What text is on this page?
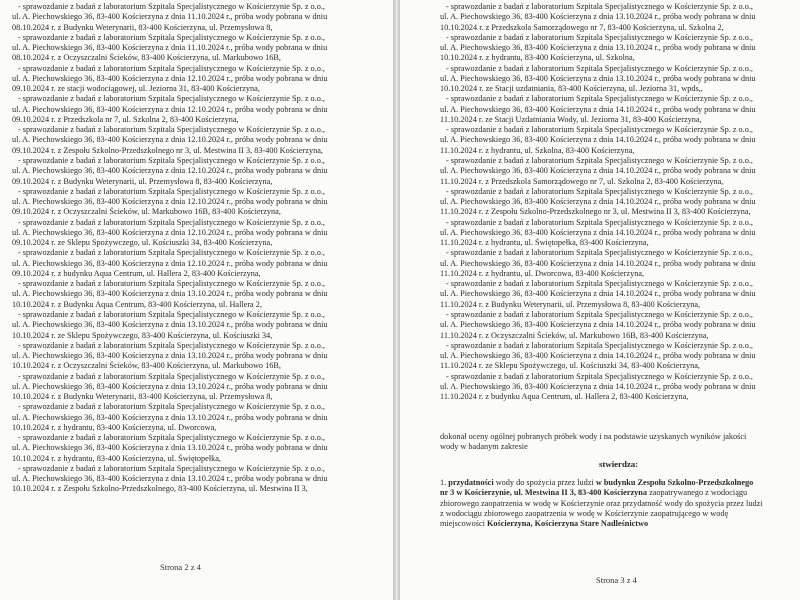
- sprawozdanie z badań z laboratorium Szpitala Specjalistycznego w Kościerzynie Sp. z o.o.,
ul. A. Piechowskiego 36, 83-400 Kościerzyna z dnia 11.10.2024 r., próba wody pobrana w dniu
08.10.2024 r. z Budynku Weterynarii, 83-400 Kościerzyna, ul. Przemysłowa 8,
- sprawozdanie z badań z laboratorium Szpitala Specjalistycznego w Kościerzynie Sp. z o.o.,
ul. A. Piechowskiego 36, 83-400 Kościerzyna z dnia 11.10.2024 r., próba wody pobrana w dniu
08.10.2024 r. z Oczyszczalni Ścieków, 83-400 Kościerzyna, ul. Markubowo 16B,
- sprawozdanie z badań z laboratorium Szpitala Specjalistycznego w Kościerzynie Sp. z o.o.,
ul. A. Piechowskiego 36, 83-400 Kościerzyna z dnia 12.10.2024 r., próba wody pobrana w dniu
09.10.2024 r. ze stacji wodociągowej, ul. Jeziorna 31, 83-400 Kościerzyna,
- sprawozdanie z badań z laboratorium Szpitala Specjalistycznego w Kościerzynie Sp. z o.o.,
ul. A. Piechowskiego 36, 83-400 Kościerzyna z dnia 12.10.2024 r., próba wody pobrana w dniu
09.10.2024 r. z Przedszkola nr 7, ul. Szkolna 2, 83-400 Kościerzyna,
- sprawozdanie z badań z laboratorium Szpitala Specjalistycznego w Kościerzynie Sp. z o.o.,
ul. A. Piechowskiego 36, 83-400 Kościerzyna z dnia 12.10.2024 r., próba wody pobrana w dniu
09.10.2024 r. z Zespołu Szkolno-Przedszkolnego nr 3, ul. Mestwina II 3, 83-400 Kościerzyna,
- sprawozdanie z badań z laboratorium Szpitala Specjalistycznego w Kościerzynie Sp. z o.o.,
ul. A. Piechowskiego 36, 83-400 Kościerzyna z dnia 12.10.2024 r., próba wody pobrana w dniu
09.10.2024 r. z Budynku Weterynarii, ul. Przemysłowa 8, 83-400 Kościerzyna,
- sprawozdanie z badań z laboratorium Szpitala Specjalistycznego w Kościerzynie Sp. z o.o.,
ul. A. Piechowskiego 36, 83-400 Kościerzyna z dnia 12.10.2024 r., próba wody pobrana w dniu
09.10.2024 r. z Oczyszczalni Ścieków, ul. Markubowo 16B, 83-400 Kościerzyna,
- sprawozdanie z badań z laboratorium Szpitala Specjalistycznego w Kościerzynie Sp. z o.o.,
ul. A. Piechowskiego 36, 83-400 Kościerzyna z dnia 12.10.2024 r., próba wody pobrana w dniu
09.10.2024 r. ze Sklepu Spożywczego, ul. Kościuszki 34, 83-400 Kościerzyna,
- sprawozdanie z badań z laboratorium Szpitala Specjalistycznego w Kościerzynie Sp. z o.o.,
ul. A. Piechowskiego 36, 83-400 Kościerzyna z dnia 12.10.2024 r., próba wody pobrana w dniu
09.10.2024 r. z budynku Aqua Centrum, ul. Hallera 2, 83-400 Kościerzyna,
- sprawozdanie z badań z laboratorium Szpitala Specjalistycznego w Kościerzynie Sp. z o.o.,
ul. A. Piechowskiego 36, 83-400 Kościerzyna z dnia 13.10.2024 r., próba wody pobrana w dniu
10.10.2024 r. z Budynku Aqua Centrum, 83-400 Kościerzyna, ul. Hallera 2,
- sprawozdanie z badań z laboratorium Szpitala Specjalistycznego w Kościerzynie Sp. z o.o.,
ul. A. Piechowskiego 36, 83-400 Kościerzyna z dnia 13.10.2024 r., próba wody pobrana w dniu
10.10.2024 r. ze Sklepu Spożywczego, 83-400 Kościerzyna, ul. Kościuszki 34,
- sprawozdanie z badań z laboratorium Szpitala Specjalistycznego w Kościerzynie Sp. z o.o.,
ul. A. Piechowskiego 36, 83-400 Kościerzyna z dnia 13.10.2024 r., próba wody pobrana w dniu
10.10.2024 r. z Oczyszczalni Ścieków, 83-400 Kościerzyna, ul. Markubowo 16B,
- sprawozdanie z badań z laboratorium Szpitala Specjalistycznego w Kościerzynie Sp. z o.o.,
ul. A. Piechowskiego 36, 83-400 Kościerzyna z dnia 13.10.2024 r., próba wody pobrana w dniu
10.10.2024 r. z Budynku Weterynarii, 83-400 Kościerzyna, ul. Przemysłowa 8,
- sprawozdanie z badań z laboratorium Szpitala Specjalistycznego w Kościerzynie Sp. z o.o.,
ul. A. Piechowskiego 36, 83-400 Kościerzyna z dnia 13.10.2024 r., próba wody pobrana w dniu
10.10.2024 r. z hydrantu, 83-400 Kościerzyna, ul. Dworcowa,
- sprawozdanie z badań z laboratorium Szpitala Specjalistycznego w Kościerzynie Sp. z o.o.,
ul. A. Piechowskiego 36, 83-400 Kościerzyna z dnia 13.10.2024 r., próba wody pobrana w dniu
10.10.2024 r. z hydrantu, 83-400 Kościerzyna, ul. Świętopełka,
- sprawozdanie z badań z laboratorium Szpitala Specjalistycznego w Kościerzynie Sp. z o.o.,
ul. A. Piechowskiego 36, 83-400 Kościerzyna z dnia 13.10.2024 r., próba wody pobrana w dniu
10.10.2024 r. z Zespołu Szkolno-Przedszkolnego, 83-400 Kościerzyna, ul. Mestwina II 3,
Strona 2 z 4
- sprawozdanie z badań z laboratorium Szpitala Specjalistycznego w Kościerzynie Sp. z o.o.,
ul. A. Piechowskiego 36, 83-400 Kościerzyna z dnia 13.10.2024 r., próba wody pobrana w dniu
10.10.2024 r. z Przedszkola Samorządowego nr 7, 83-400 Kościerzyna, ul. Szkolna 2,
- sprawozdanie z badań z laboratorium Szpitala Specjalistycznego w Kościerzynie Sp. z o.o.,
ul. A. Piechowskiego 36, 83-400 Kościerzyna z dnia 13.10.2024 r., próba wody pobrana w dniu
10.10.2024 r. z hydrantu, 83-400 Kościerzyna, ul. Szkolna,
- sprawozdanie z badań z laboratorium Szpitala Specjalistycznego w Kościerzynie Sp. z o.o.,
ul. A. Piechowskiego 36, 83-400 Kościerzyna z dnia 13.10.2024 r., próba wody pobrana w dniu
10.10.2024 r. ze Stacji uzdatniania, 83-400 Kościerzyna, ul. Jeziorna 31, wpds,,
- sprawozdanie z badań z laboratorium Szpitala Specjalistycznego w Kościerzynie Sp. z o.o.,
ul. A. Piechowskiego 36, 83-400 Kościerzyna z dnia 14.10.2024 r., próba wody pobrana w dniu
11.10.2024 r. ze Stacji Uzdatniania Wody, ul. Jeziorna 31, 83-400 Kościerzyna,
- sprawozdanie z badań z laboratorium Szpitala Specjalistycznego w Kościerzynie Sp. z o.o.,
ul. A. Piechowskiego 36, 83-400 Kościerzyna z dnia 14.10.2024 r., próba wody pobrana w dniu
11.10.2024 r. z hydrantu, ul. Szkolna, 83-400 Kościerzyna,
- sprawozdanie z badań z laboratorium Szpitala Specjalistycznego w Kościerzynie Sp. z o.o.,
ul. A. Piechowskiego 36, 83-400 Kościerzyna z dnia 14.10.2024 r., próba wody pobrana w dniu
11.10.2024 r. z Przedszkola Samorządowego nr 7, ul. Szkolna 2, 83-400 Kościerzyna,
- sprawozdanie z badań z laboratorium Szpitala Specjalistycznego w Kościerzynie Sp. z o.o.,
ul. A. Piechowskiego 36, 83-400 Kościerzyna z dnia 14.10.2024 r., próba wody pobrana w dniu
11.10.2024 r. z Zespołu Szkolno-Przedszkolnego nr 3, ul. Mestwina II 3, 83-400 Kościerzyna,
- sprawozdanie z badań z laboratorium Szpitala Specjalistycznego w Kościerzynie Sp. z o.o.,
ul. A. Piechowskiego 36, 83-400 Kościerzyna z dnia 14.10.2024 r., próba wody pobrana w dniu
11.10.2024 r. z hydrantu, ul. Świętopełka, 83-400 Kościerzyna,
- sprawozdanie z badań z laboratorium Szpitala Specjalistycznego w Kościerzynie Sp. z o.o.,
ul. A. Piechowskiego 36, 83-400 Kościerzyna z dnia 14.10.2024 r., próba wody pobrana w dniu
11.10.2024 r. z hydrantu, ul. Dworcowa, 83-400 Kościerzyna,
- sprawozdanie z badań z laboratorium Szpitala Specjalistycznego w Kościerzynie Sp. z o.o.,
ul. A. Piechowskiego 36, 83-400 Kościerzyna z dnia 14.10.2024 r., próba wody pobrana w dniu
11.10.2024 r. z Budynku Weterynarii, ul. Przemysłowa 8, 83-400 Kościerzyna,
- sprawozdanie z badań z laboratorium Szpitala Specjalistycznego w Kościerzynie Sp. z o.o.,
ul. A. Piechowskiego 36, 83-400 Kościerzyna z dnia 14.10.2024 r., próba wody pobrana w dniu
11.10.2024 r. z Oczyszczalni Ścieków, ul. Markubowo 16B, 83-400 Kościerzyna,
- sprawozdanie z badań z laboratorium Szpitala Specjalistycznego w Kościerzynie Sp. z o.o.,
ul. A. Piechowskiego 36, 83-400 Kościerzyna z dnia 14.10.2024 r., próba wody pobrana w dniu
11.10.2024 r. ze Sklepu Spożywczego, ul. Kościuszki 34, 83-400 Kościerzyna,
- sprawozdanie z badań z laboratorium Szpitala Specjalistycznego w Kościerzynie Sp. z o.o.,
ul. A. Piechowskiego 36, 83-400 Kościerzyna z dnia 14.10.2024 r., próba wody pobrana w dniu
11.10.2024 r. z budynku Aqua Centrum, ul. Hallera 2, 83-400 Kościerzyna,
dokonał oceny ogólnej pobranych próbek wody i na podstawie uzyskanych wyników jakości
wody w badanym zakresie
stwierdza:
1. przydatności wody do spożycia przez ludzi w budynku Zespołu Szkolno-Przedszkolnego
nr 3 w Kościerzynie, ul. Mestwina II 3, 83-400 Kościerzyna zaopatrywanego z wodociągu
zbiorowego zaopatrzenia w wodę w Kościerzynie oraz przydatność wody do spożycia przez ludzi
z wodociągu zbiorowego zaopatrzenia w wodę w Kościerzynie zaopatrującego w wodę
miejscowości Kościerzyna, Kościerzyna Stare Nadleśnictwo
Strona 3 z 4
